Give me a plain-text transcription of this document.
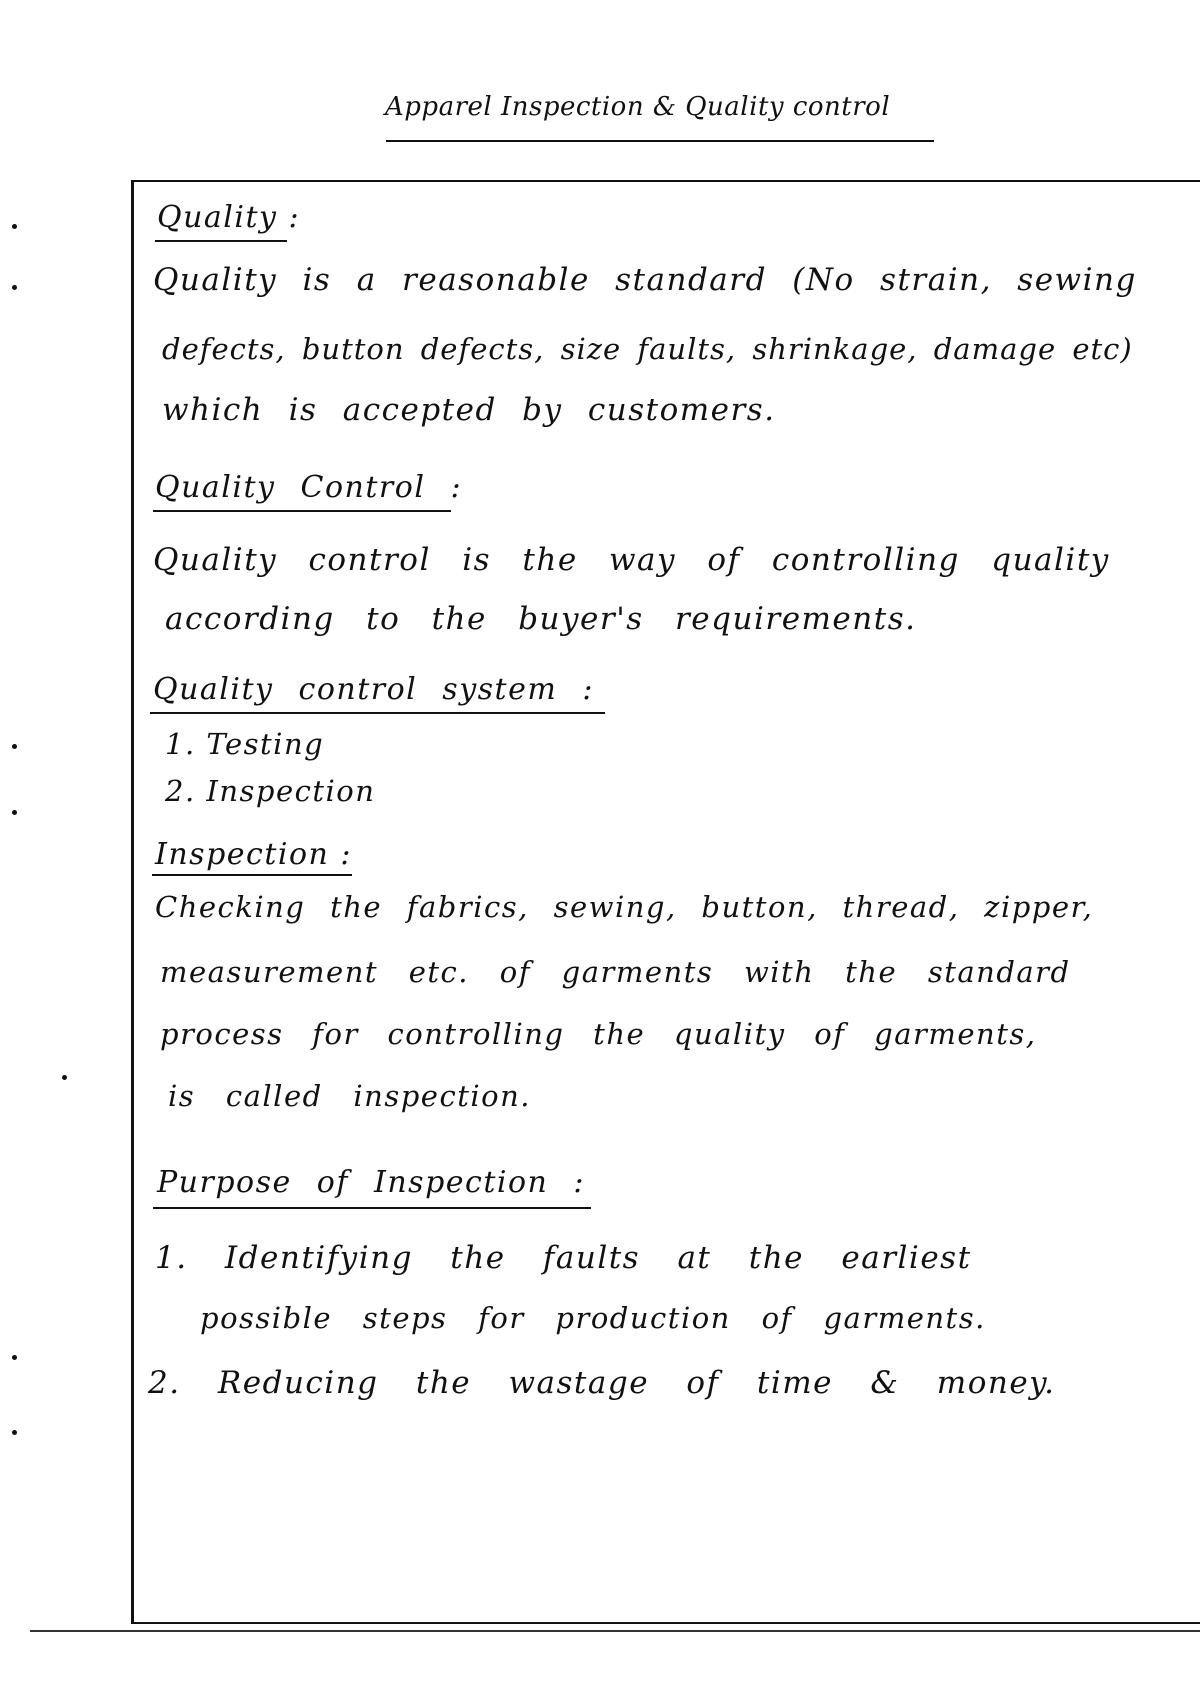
Apparel Inspection & Quality control
Quality :
Quality is a reasonable standard (No strain, sewing
defects, button defects, size faults, shrinkage, damage etc)
which is accepted by customers.
Quality Control :
Quality control is the way of controlling quality
according to the buyer's requirements.
Quality control system :
1. Testing
2. Inspection
Inspection :
Checking the fabrics, sewing, button, thread, zipper,
measurement etc. of garments with the standard
process for controlling the quality of garments,
is called inspection.
Purpose of Inspection :
1. Identifying the faults at the earliest
possible steps for production of garments.
2. Reducing the wastage of time & money.
